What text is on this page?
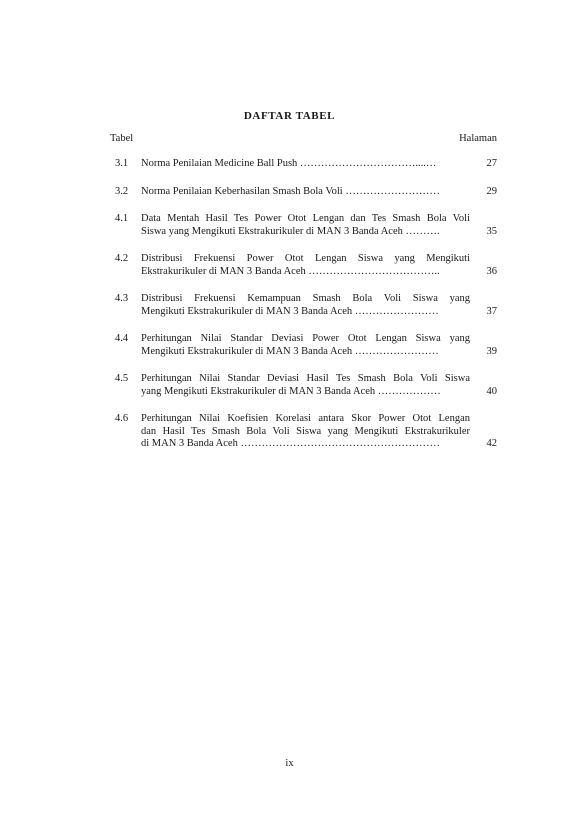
DAFTAR TABEL
Tabel	Halaman
3.1	Norma Penilaian Medicine Ball Push ……………………………....…	27
3.2	Norma Penilaian Keberhasilan Smash Bola Voli ………………………	29
4.1	Data Mentah Hasil Tes Power Otot Lengan dan Tes Smash Bola Voli
Siswa yang Mengikuti Ekstrakurikuler di MAN 3 Banda Aceh ……….	35
4.2	Distribusi Frekuensi Power Otot Lengan Siswa yang Mengikuti
Ekstrakurikuler di MAN 3 Banda Aceh ………………………………..	36
4.3	Distribusi Frekuensi Kemampuan Smash Bola Voli Siswa yang
Mengikuti Ekstrakurikuler di MAN 3 Banda Aceh ……………………	37
4.4	Perhitungan Nilai Standar Deviasi Power Otot Lengan Siswa yang
Mengikuti Ekstrakurikuler di MAN 3 Banda Aceh ……………………	39
4.5	Perhitungan Nilai Standar Deviasi Hasil Tes Smash Bola Voli Siswa
yang Mengikuti Ekstrakurikuler di MAN 3 Banda Aceh ………………	40
4.6	Perhitungan Nilai Koefisien Korelasi antara Skor Power Otot Lengan
dan Hasil Tes Smash Bola Voli Siswa yang Mengikuti Ekstrakurikuler
di MAN 3 Banda Aceh …………………………………………………	42
ix
